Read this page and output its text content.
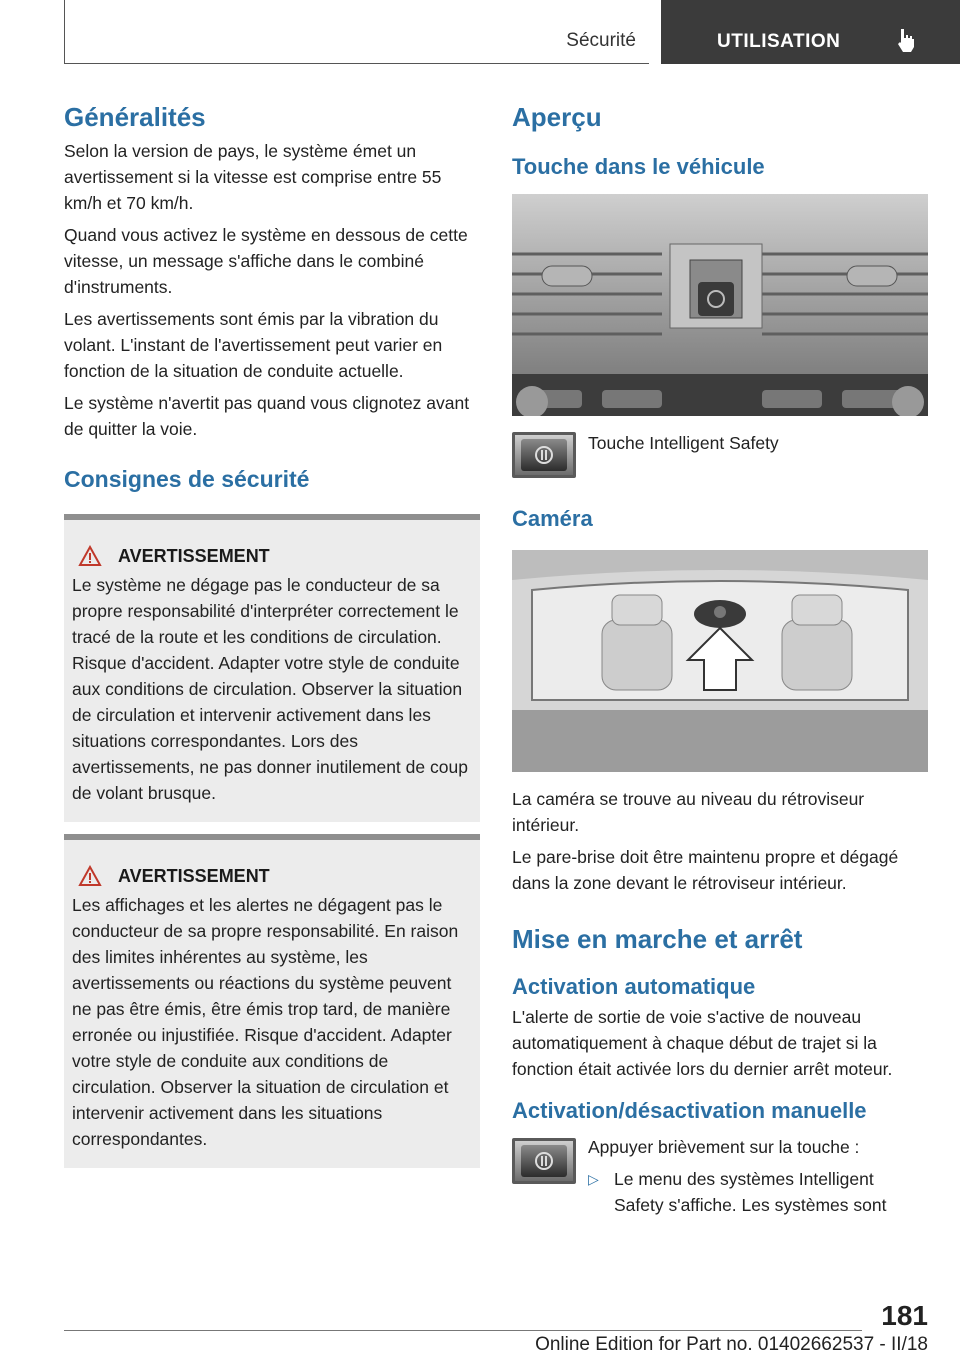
Sécurité	UTILISATION
Généralités

Selon la version de pays, le système émet un avertissement si la vitesse est comprise entre 55 km/h et 70 km/h.

Quand vous activez le système en dessous de cette vitesse, un message s'affiche dans le combiné d'instruments.

Les avertissements sont émis par la vibration du volant. L'instant de l'avertissement peut varier en fonction de la situation de conduite actuelle.

Le système n'avertit pas quand vous clignotez avant de quitter la voie.

Consignes de sécurité
AVERTISSEMENT

Le système ne dégage pas le conducteur de sa propre responsabilité d'interpréter correctement le tracé de la route et les conditions de circulation. Risque d'accident. Adapter votre style de conduite aux conditions de circulation. Observer la situation de circulation et intervenir activement dans les situations correspondantes. Lors des avertissements, ne pas donner inutilement de coup de volant brusque.

AVERTISSEMENT

Les affichages et les alertes ne dégagent pas le conducteur de sa propre responsabilité. En raison des limites inhérentes au système, les avertissements ou réactions du système peuvent ne pas être émis, être émis trop tard, de manière erronée ou injustifiée. Risque d'accident. Adapter votre style de conduite aux conditions de circulation. Observer la situation de circulation et intervenir activement dans les situations correspondantes.

Aperçu
Touche dans le véhicule

Touche Intelligent Safety

Caméra

La caméra se trouve au niveau du rétroviseur intérieur.

Le pare-brise doit être maintenu propre et dégagé dans la zone devant le rétroviseur intérieur.

Mise en marche et arrêt
Activation automatique

L'alerte de sortie de voie s'active de nouveau automatiquement à chaque début de trajet si la fonction était activée lors du dernier arrêt moteur.

Activation/désactivation manuelle

Appuyer brièvement sur la touche :

▷ Le menu des systèmes Intelligent Safety s'affiche. Les systèmes sont

181
Online Edition for Part no. 01402662537 - II/18
